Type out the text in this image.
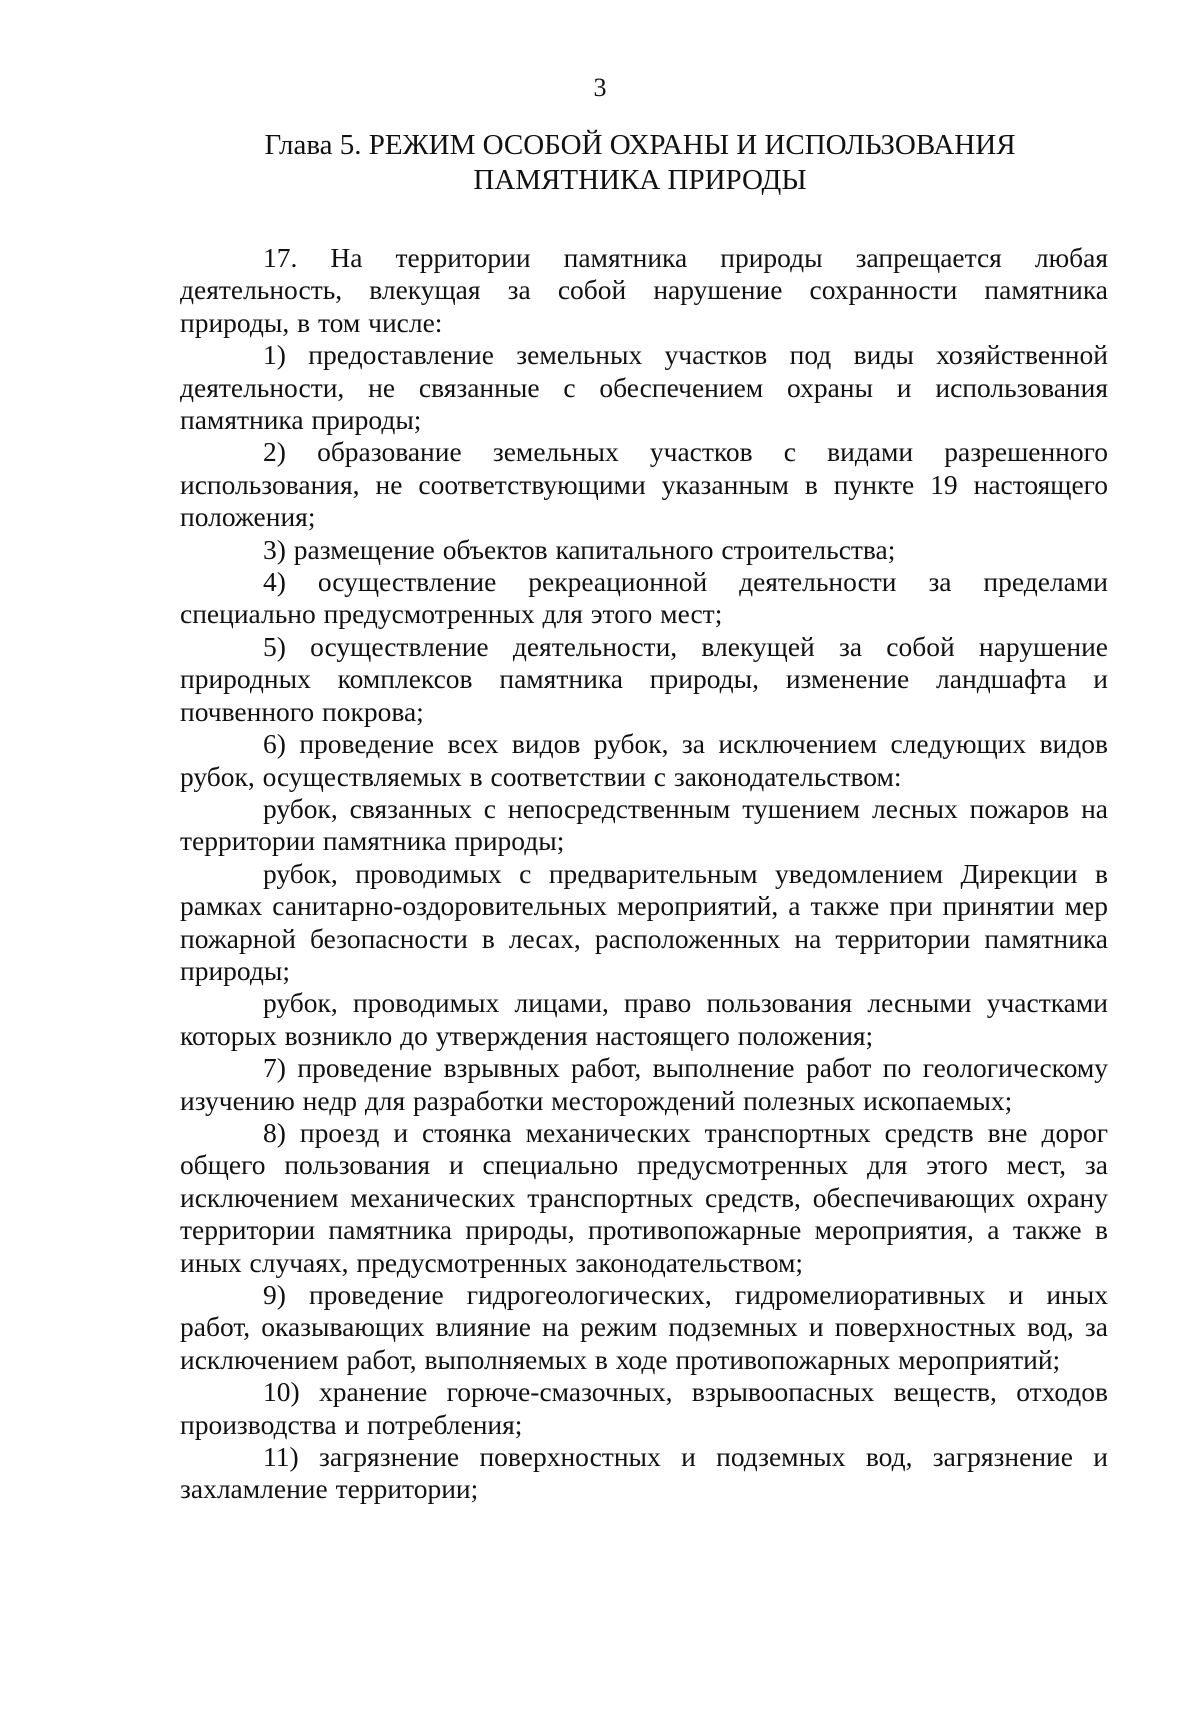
3
Глава 5. РЕЖИМ ОСОБОЙ ОХРАНЫ И ИСПОЛЬЗОВАНИЯ
ПАМЯТНИКА ПРИРОДЫ

17. На территории памятника природы запрещается любая деятельность, влекущая за собой нарушение сохранности памятника природы, в том числе:

1) предоставление земельных участков под виды хозяйственной деятельности, не связанные с обеспечением охраны и использования памятника природы;

2) образование земельных участков с видами разрешенного использования, не соответствующими указанным в пункте 19 настоящего положения;

3) размещение объектов капитального строительства;

4) осуществление рекреационной деятельности за пределами специально предусмотренных для этого мест;

5) осуществление деятельности, влекущей за собой нарушение природных комплексов памятника природы, изменение ландшафта и почвенного покрова;

6) проведение всех видов рубок, за исключением следующих видов рубок, осуществляемых в соответствии с законодательством:

рубок, связанных с непосредственным тушением лесных пожаров на территории памятника природы;

рубок, проводимых с предварительным уведомлением Дирекции в рамках санитарно-оздоровительных мероприятий, а также при принятии мер пожарной безопасности в лесах, расположенных на территории памятника природы;

рубок, проводимых лицами, право пользования лесными участками которых возникло до утверждения настоящего положения;

7) проведение взрывных работ, выполнение работ по геологическому изучению недр для разработки месторождений полезных ископаемых;

8) проезд и стоянка механических транспортных средств вне дорог общего пользования и специально предусмотренных для этого мест, за исключением механических транспортных средств, обеспечивающих охрану территории памятника природы, противопожарные мероприятия, а также в иных случаях, предусмотренных законодательством;

9) проведение гидрогеологических, гидромелиоративных и иных работ, оказывающих влияние на режим подземных и поверхностных вод, за исключением работ, выполняемых в ходе противопожарных мероприятий;

10) хранение горюче-смазочных, взрывоопасных веществ, отходов производства и потребления;

11) загрязнение поверхностных и подземных вод, загрязнение и захламление территории;
